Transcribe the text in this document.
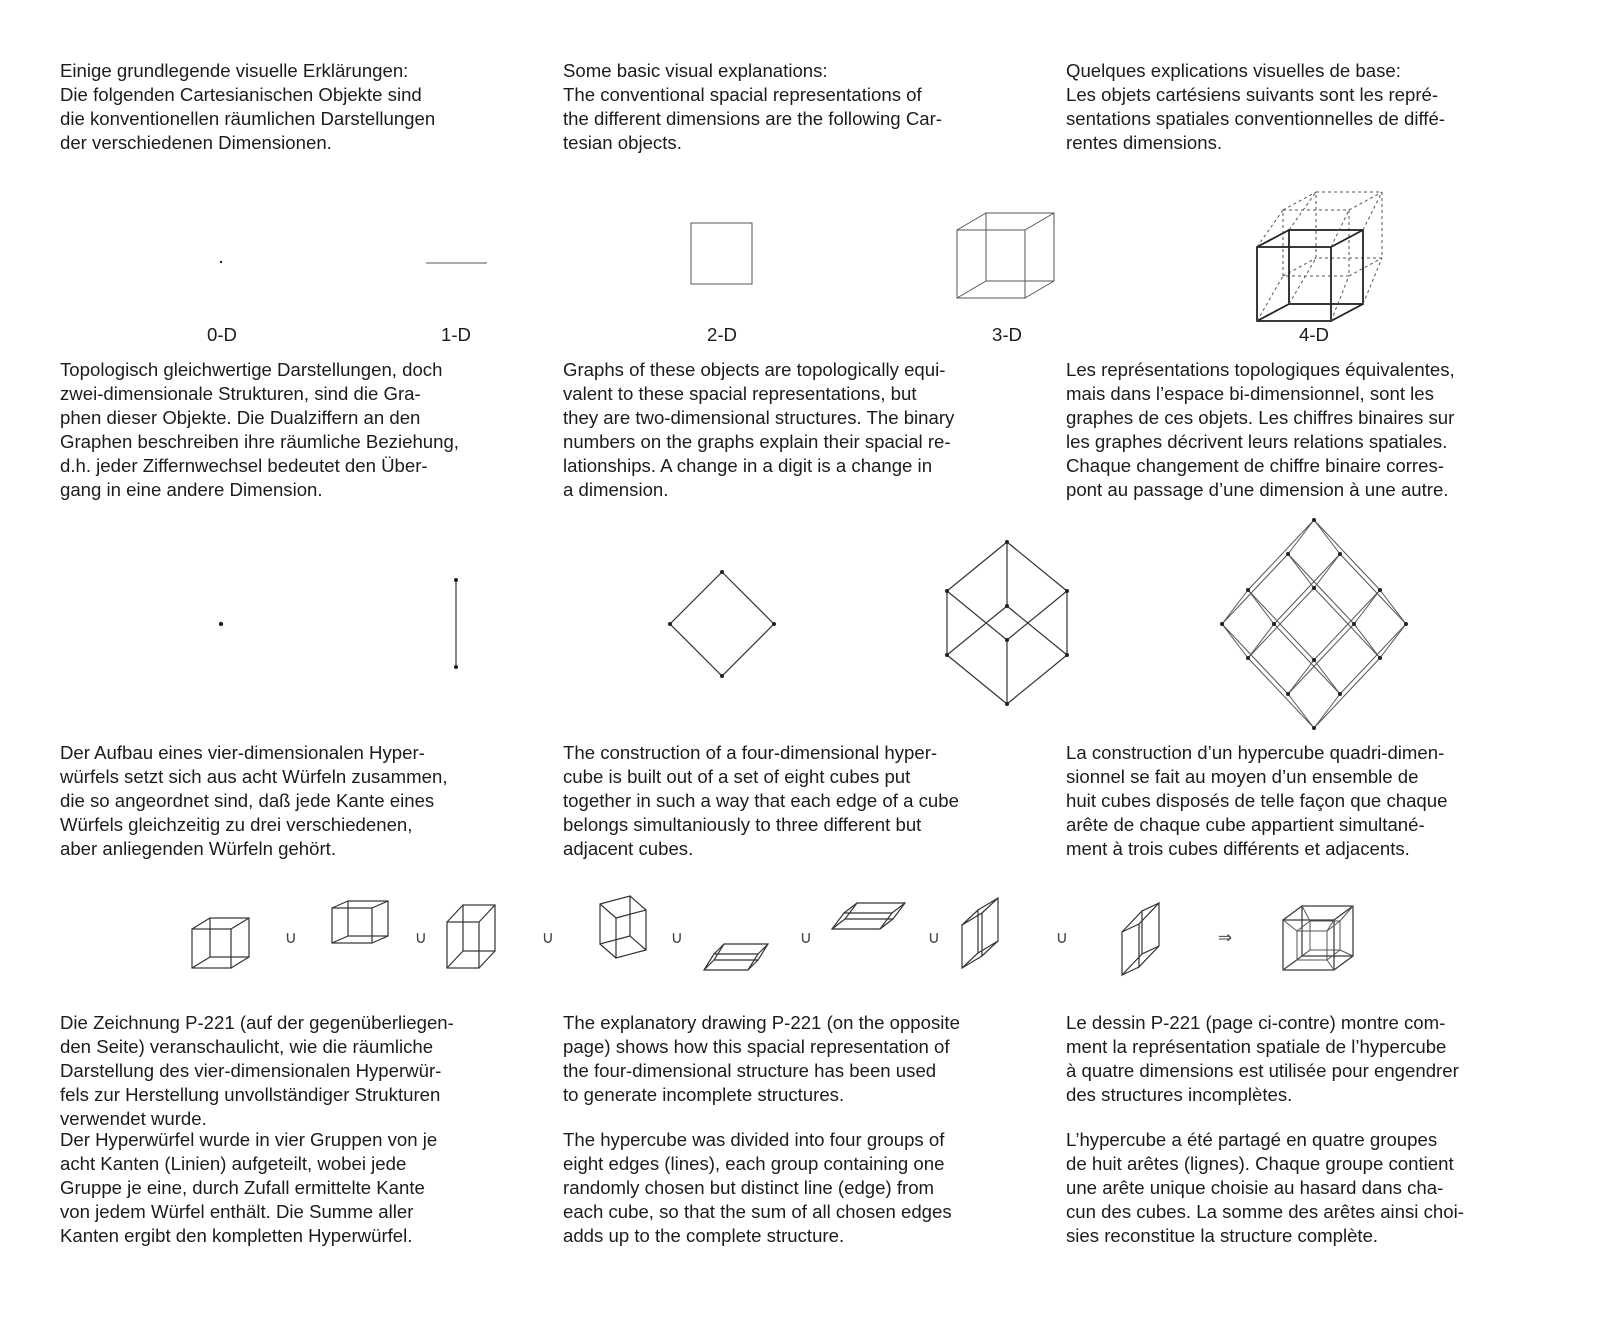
Einige grundlegende visuelle Erklärungen:
Die folgenden Cartesianischen Objekte sind
die konventionellen räumlichen Darstellungen
der verschiedenen Dimensionen.

Some basic visual explanations:
The conventional spacial representations of
the different dimensions are the following Car-
tesian objects.

Quelques explications visuelles de base:
Les objets cartésiens suivants sont les repré-
sentations spatiales conventionnelles de diffé-
rentes dimensions.

0-D	1-D	2-D	3-D	4-D

Topologisch gleichwertige Darstellungen, doch
zwei-dimensionale Strukturen, sind die Gra-
phen dieser Objekte. Die Dualziffern an den
Graphen beschreiben ihre räumliche Beziehung,
d.h. jeder Ziffernwechsel bedeutet den Über-
gang in eine andere Dimension.

Graphs of these objects are topologically equi-
valent to these spacial representations, but
they are two-dimensional structures. The binary
numbers on the graphs explain their spacial re-
lationships. A change in a digit is a change in
a dimension.

Les représentations topologiques équivalentes,
mais dans l’espace bi-dimensionnel, sont les
graphes de ces objets. Les chiffres binaires sur
les graphes décrivent leurs relations spatiales.
Chaque changement de chiffre binaire corres-
pont au passage d’une dimension à une autre.

Der Aufbau eines vier-dimensionalen Hyper-
würfels setzt sich aus acht Würfeln zusammen,
die so angeordnet sind, daß jede Kante eines
Würfels gleichzeitig zu drei verschiedenen,
aber anliegenden Würfeln gehört.

The construction of a four-dimensional hyper-
cube is built out of a set of eight cubes put
together in such a way that each edge of a cube
belongs simultaniously to three different but
adjacent cubes.

La construction d’un hypercube quadri-dimen-
sionnel se fait au moyen d’un ensemble de
huit cubes disposés de telle façon que chaque
arête de chaque cube appartient simultané-
ment à trois cubes différents et adjacents.

Die Zeichnung P-221 (auf der gegenüberliegen-
den Seite) veranschaulicht, wie die räumliche
Darstellung des vier-dimensionalen Hyperwür-
fels zur Herstellung unvollständiger Strukturen
verwendet wurde.

The explanatory drawing P-221 (on the opposite
page) shows how this spacial representation of
the four-dimensional structure has been used
to generate incomplete structures.

Le dessin P-221 (page ci-contre) montre com-
ment la représentation spatiale de l’hypercube
à quatre dimensions est utilisée pour engendrer
des structures incomplètes.

Der Hyperwürfel wurde in vier Gruppen von je
acht Kanten (Linien) aufgeteilt, wobei jede
Gruppe je eine, durch Zufall ermittelte Kante
von jedem Würfel enthält. Die Summe aller
Kanten ergibt den kompletten Hyperwürfel.

The hypercube was divided into four groups of
eight edges (lines), each group containing one
randomly chosen but distinct line (edge) from
each cube, so that the sum of all chosen edges
adds up to the complete structure.

L’hypercube a été partagé en quatre groupes
de huit arêtes (lignes). Chaque groupe contient
une arête unique choisie au hasard dans cha-
cun des cubes. La somme des arêtes ainsi choi-
sies reconstitue la structure complète.

∪	∪	∪	∪	∪	∪	∪	⇒
